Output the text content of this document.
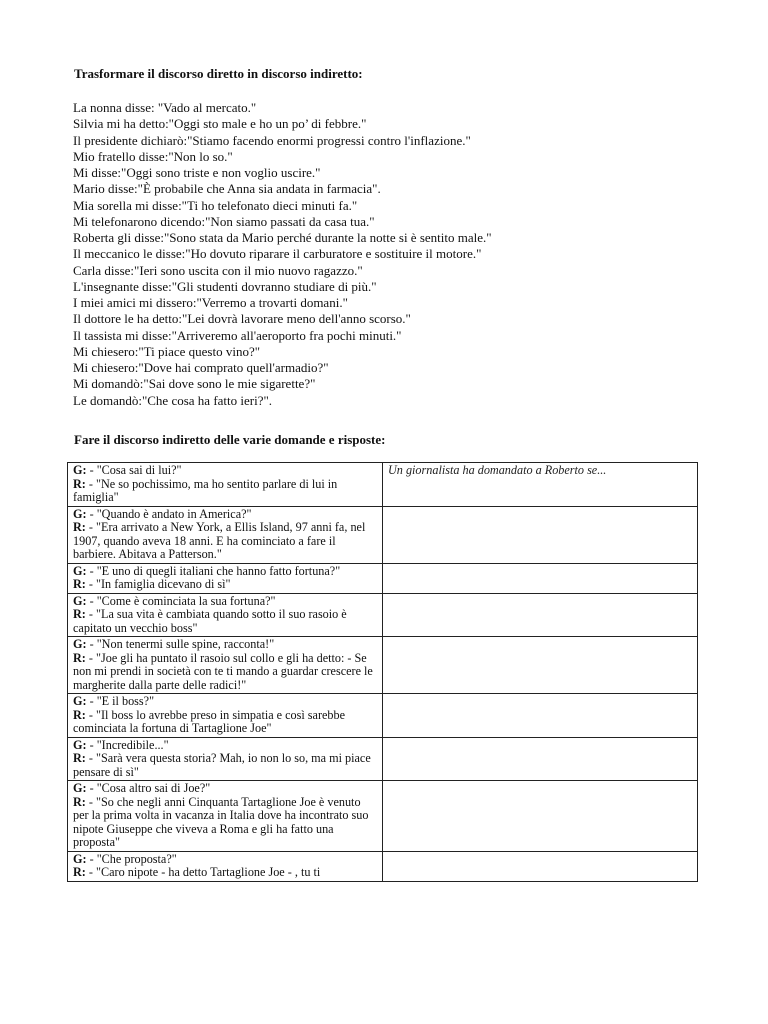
Trasformare il discorso diretto in discorso indiretto:
La nonna disse: "Vado al mercato."
Silvia mi ha detto:"Oggi sto male e ho un po’ di febbre."
Il presidente dichiarò:"Stiamo facendo enormi progressi contro l'inflazione."
Mio fratello disse:"Non lo so."
Mi disse:"Oggi sono triste e non voglio uscire."
Mario disse:"È probabile che Anna sia andata in farmacia".
Mia sorella mi disse:"Ti ho telefonato dieci minuti fa."
Mi telefonarono dicendo:"Non siamo passati da casa tua."
Roberta gli disse:"Sono stata da Mario perché durante la notte si è sentito male."
Il meccanico le disse:"Ho dovuto riparare il carburatore e sostituire il motore."
Carla disse:"Ieri sono uscita con il mio nuovo ragazzo."
L'insegnante disse:"Gli studenti dovranno studiare di più."
I miei amici mi dissero:"Verremo a trovarti domani."
Il dottore le ha detto:"Lei dovrà lavorare meno dell'anno scorso."
Il tassista mi disse:"Arriveremo all'aeroporto fra pochi minuti."
Mi chiesero:"Ti piace questo vino?"
Mi chiesero:"Dove hai comprato quell'armadio?"
Mi domandò:"Sai dove sono le mie sigarette?"
Le domandò:"Che cosa ha fatto ieri?".
Fare il discorso indiretto delle varie domande e risposte:
G: - "Cosa sai di lui?"
R: - "Ne so pochissimo, ma ho sentito parlare di lui in famiglia"	Un giornalista ha domandato a Roberto se...

G: - "Quando è andato in America?"
R: - "Era arrivato a New York, a Ellis Island, 97 anni fa, nel 1907, quando aveva 18 anni. E ha cominciato a fare il barbiere. Abitava a Patterson."	

G: - "E uno di quegli italiani che hanno fatto fortuna?"
R: - "In famiglia dicevano di sì"	

G: - "Come è cominciata la sua fortuna?"
R: - "La sua vita è cambiata quando sotto il suo rasoio è capitato un vecchio boss"	

G: - "Non tenermi sulle spine, racconta!"
R: - "Joe gli ha puntato il rasoio sul collo e gli ha detto: - Se non mi prendi in società con te ti mando a guardar crescere le margherite dalla parte delle radici!"	

G: - "E il boss?"
R: - "Il boss lo avrebbe preso in simpatia e così sarebbe cominciata la fortuna di Tartaglione Joe"	

G: - "Incredibile..."
R: - "Sarà vera questa storia? Mah, io non lo so, ma mi piace pensare di sì"	

G: - "Cosa altro sai di Joe?"
R: - "So che negli anni Cinquanta Tartaglione Joe è venuto per la prima volta in vacanza in Italia dove ha incontrato suo nipote Giuseppe che viveva a Roma e gli ha fatto una proposta"	

G: - "Che proposta?"
R: - "Caro nipote - ha detto Tartaglione Joe - , tu ti	
